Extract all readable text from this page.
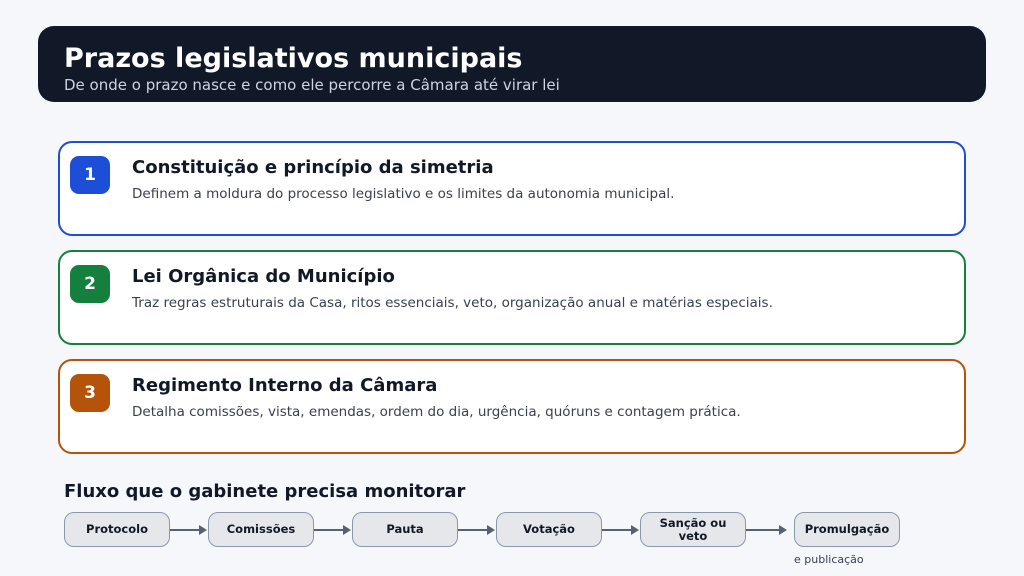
Prazos legislativos municipais
De onde o prazo nasce e como ele percorre a Câmara até virar lei
1	Constituição e princípio da simetria
Definem a moldura do processo legislativo e os limites da autonomia municipal.
2	Lei Orgânica do Município
Traz regras estruturais da Casa, ritos essenciais, veto, organização anual e matérias especiais.
3	Regimento Interno da Câmara
Detalha comissões, vista, emendas, ordem do dia, urgência, quóruns e contagem prática.
Fluxo que o gabinete precisa monitorar
Protocolo	Comissões	Pauta	Votação	Sanção ou veto	Promulgação
e publicação
